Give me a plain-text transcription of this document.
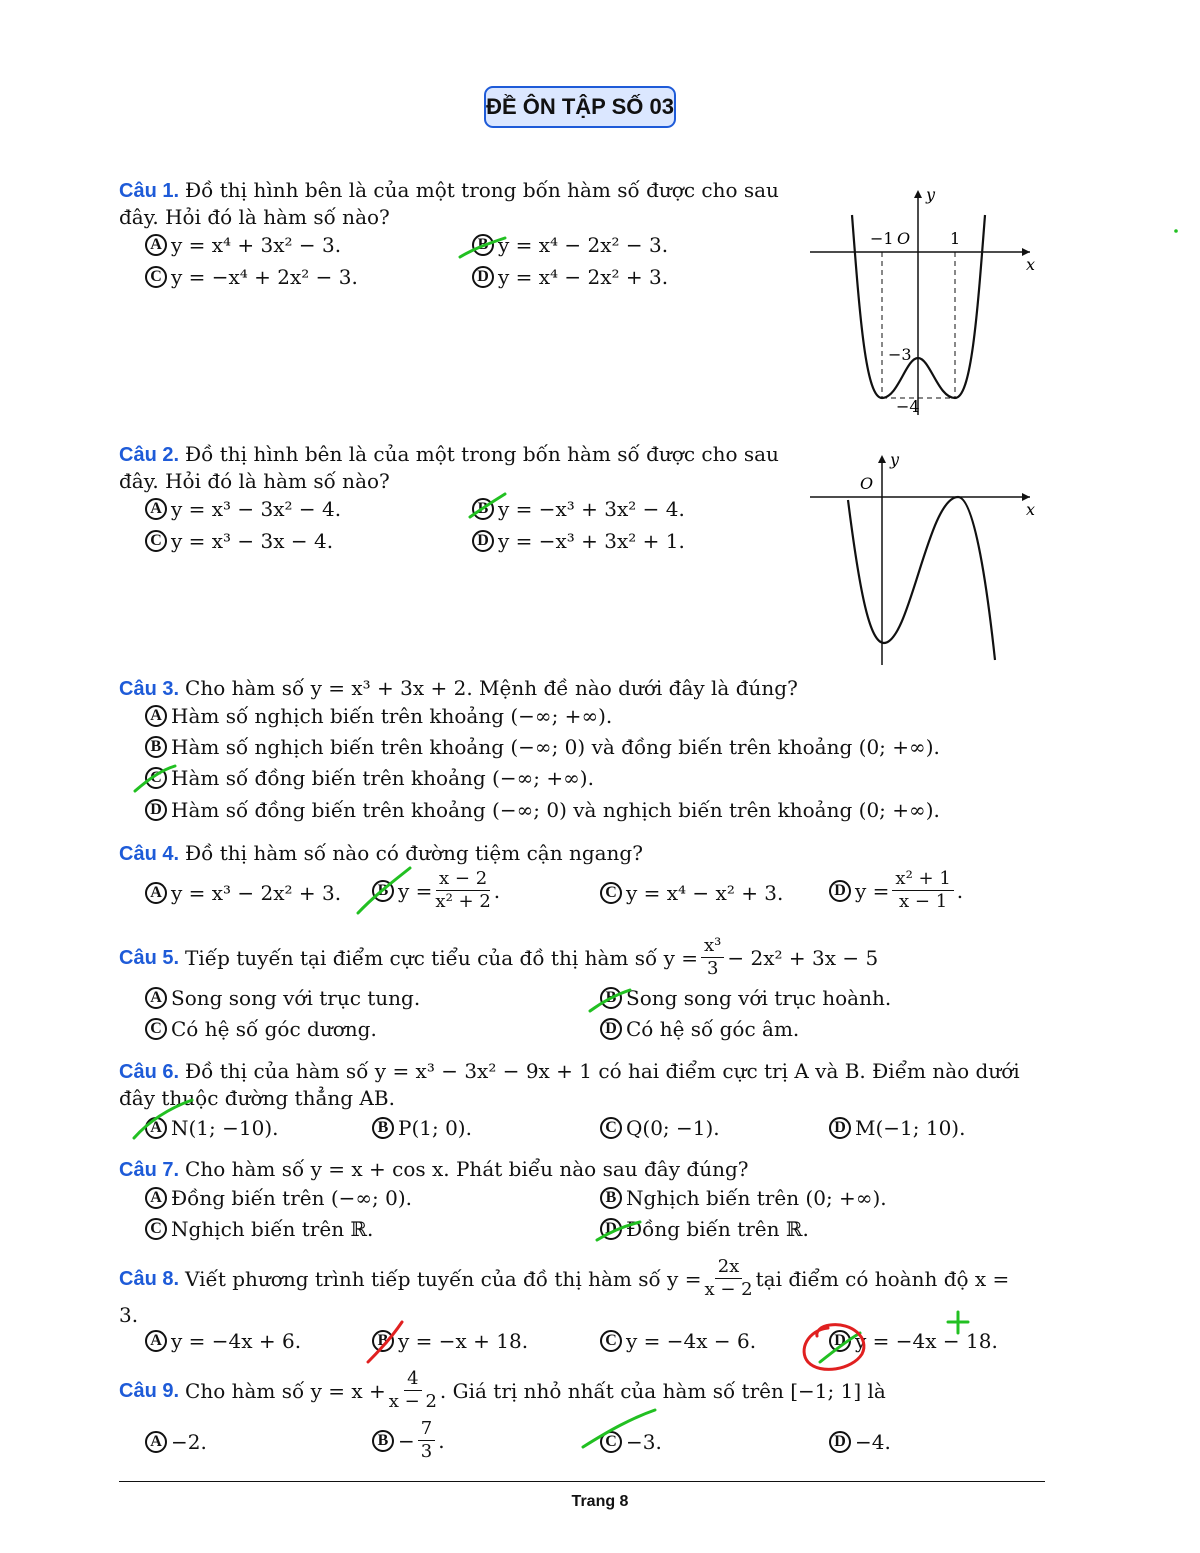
ĐỀ ÔN TẬP SỐ 03
Câu 1. Đồ thị hình bên là của một trong bốn hàm số được cho sau đây. Hỏi đó là hàm số nào?
A y = x⁴ + 3x² − 3.	B y = x⁴ − 2x² − 3.
C y = −x⁴ + 2x² − 3.	D y = x⁴ − 2x² + 3.
x
y
−1 O 1
−3
−4
Câu 2. Đồ thị hình bên là của một trong bốn hàm số được cho sau đây. Hỏi đó là hàm số nào?
A y = x³ − 3x² − 4.	B y = −x³ + 3x² − 4.
C y = x³ − 3x − 4.	D y = −x³ + 3x² + 1.
x
y
O
Câu 3. Cho hàm số y = x³ + 3x + 2. Mệnh đề nào dưới đây là đúng?
A Hàm số nghịch biến trên khoảng (−∞; +∞).
B Hàm số nghịch biến trên khoảng (−∞; 0) và đồng biến trên khoảng (0; +∞).
C Hàm số đồng biến trên khoảng (−∞; +∞).
D Hàm số đồng biến trên khoảng (−∞; 0) và nghịch biến trên khoảng (0; +∞).
Câu 4. Đồ thị hàm số nào có đường tiệm cận ngang?
A y = x³ − 2x² + 3.	B $y = \frac{x - 2}{\text{x² + 2}}$ .	C y = x⁴ − x² + 3.	D $y = \frac{\text{x² + 1}}{x - 1}$ .
Câu 5. Tiếp tuyến tại điểm cực tiểu của đồ thị hàm số $y = \frac{\text{x³}}{3} - 2x^2 + 3x - 5$
A Song song với trục tung.	B Song song với trục hoành.
C Có hệ số góc dương.	D Có hệ số góc âm.
Câu 6. Đồ thị của hàm số y = x³ − 3x² − 9x + 1 có hai điểm cực trị A và B. Điểm nào dưới đây thuộc đường thẳng AB.
A N(1; −10).	B P(1; 0).	C Q(0; −1).	D M(−1; 10).
Câu 7. Cho hàm số y = x + cos x. Phát biểu nào sau đây đúng?
A Đồng biến trên (−∞; 0).	B Nghịch biến trên (0; +∞).
C Nghịch biến trên ℝ.	D Đồng biến trên ℝ.
Câu 8. Viết phương trình tiếp tuyến của đồ thị hàm số $y = \frac{2x}{x - 2}$ tại điểm có hoành độ x =
3.
A y = −4x + 6.	B y = −x + 18.	C y = −4x − 6.	D y = −4x − 18.
Câu 9. Cho hàm số $y = x + \frac{4}{x - 2}$ . Giá trị nhỏ nhất của hàm số trên [−1; 1] là
A −2.	$B - \frac{7}{3}$ .	C −3.	D −4.
Trang 8
